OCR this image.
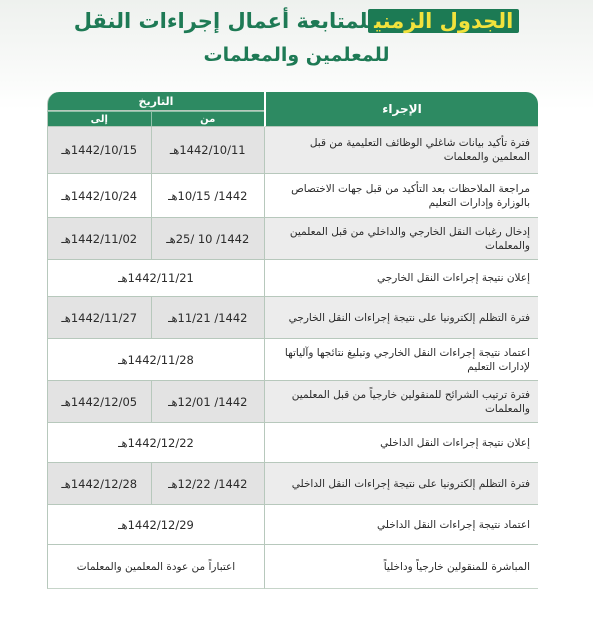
الجدول الزمنيلمتابعة أعمال إجراءات النقل
للمعلمين والمعلمات
الإجراء	التاريخ	
	من	إلى
فترة تأكيد بيانات شاغلي الوظائف التعليمية من قبل المعلمين والمعلمات	1442/10/11هـ	1442/10/15هـ
مراجعة الملاحظات بعد التأكيد من قبل جهات الاختصاص بالوزارة وإدارات التعليم	1442/ 10/15هـ	1442/10/24هـ
إدخال رغبات النقل الخارجي والداخلي من قبل المعلمين والمعلمات	1442/ 10 /25هـ	1442/11/02هـ
إعلان نتيجة إجراءات النقل الخارجي	1442/11/21هـ	
فترة التظلم إلكترونيا على نتيجة إجراءات النقل الخارجي	1442/ 11/21هـ	1442/11/27هـ
اعتماد نتيجة إجراءات النقل الخارجي وتبليغ نتائجها وآلياتها لإدارات التعليم	1442/11/28هـ	
فترة ترتيب الشرائح للمنقولين خارجياً من قبل المعلمين والمعلمات	1442/ 12/01هـ	1442/12/05هـ
إعلان نتيجة إجراءات النقل الداخلي	1442/12/22هـ	
فترة التظلم إلكترونيا على نتيجة إجراءات النقل الداخلي	1442/ 12/22هـ	1442/12/28هـ
اعتماد نتيجة إجراءات النقل الداخلي	1442/12/29هـ	
المباشرة للمنقولين خارجياً وداخلياً	اعتباراً من عودة المعلمين والمعلمات	
